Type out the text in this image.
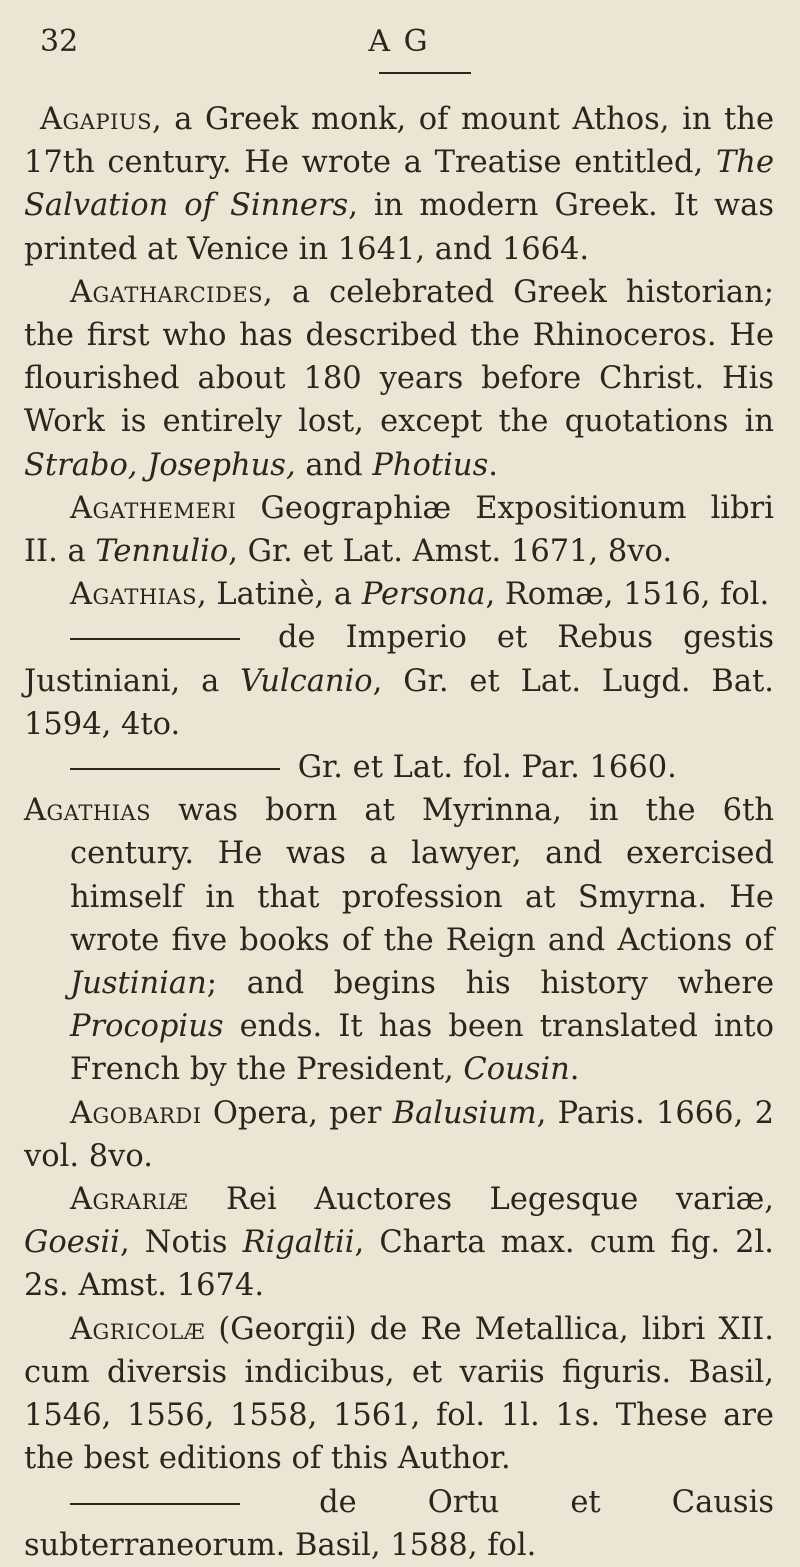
32	A G

Agapius, a Greek monk, of mount Athos, in the 17th century. He wrote a Treatise entitled, The Salvation of Sinners, in modern Greek. It was printed at Venice in 1641, and 1664.

Agatharcides, a celebrated Greek historian; the first who has described the Rhinoceros. He flourished about 180 years before Christ. His Work is entirely lost, except the quotations in Strabo, Josephus, and Photius.

Agathemeri Geographiæ Expositionum libri II. a Tennulio, Gr. et Lat. Amst. 1671, 8vo.

Agathias, Latinè, a Persona, Romæ, 1516, fol.

de Imperio et Rebus gestis Justiniani, a Vulcanio, Gr. et Lat. Lugd. Bat. 1594, 4to.

Gr. et Lat. fol. Par. 1660.

Agathias was born at Myrinna, in the 6th century. He was a lawyer, and exercised himself in that profession at Smyrna. He wrote five books of the Reign and Actions of Justinian; and begins his history where Procopius ends. It has been translated into French by the President, Cousin.

Agobardi Opera, per Balusium, Paris. 1666, 2 vol. 8vo.

Agrariæ Rei Auctores Legesque variæ, Goesii, Notis Rigaltii, Charta max. cum fig. 2l. 2s. Amst. 1674.

Agricolæ (Georgii) de Re Metallica, libri XII. cum diversis indicibus, et variis figuris. Basil, 1546, 1556, 1558, 1561, fol. 1l. 1s. These are the best editions of this Author.

de Ortu et Causis subterraneorum. Basil, 1588, fol.
